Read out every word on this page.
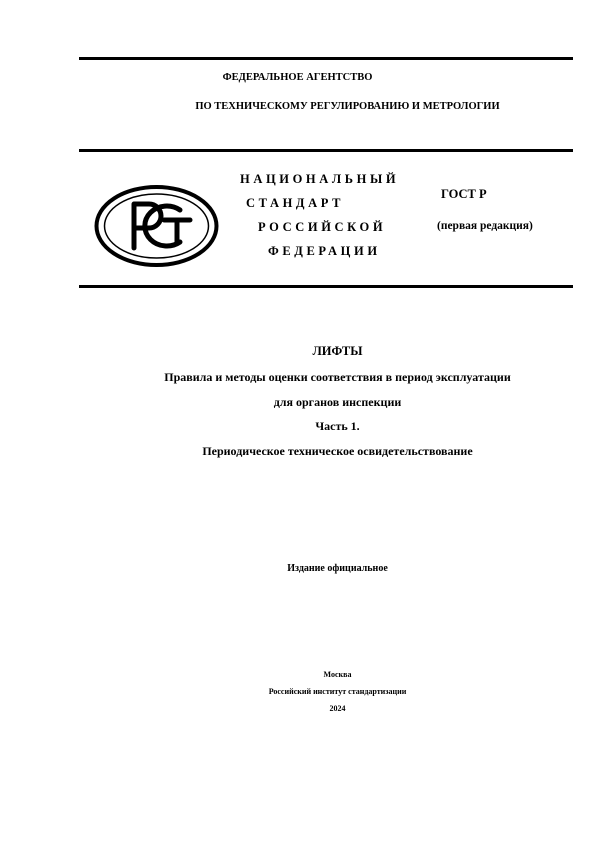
ФЕДЕРАЛЬНОЕ АГЕНТСТВО
ПО ТЕХНИЧЕСКОМУ РЕГУЛИРОВАНИЮ И МЕТРОЛОГИИ
НАЦИОНАЛЬНЫЙ
СТАНДАРТ
РОССИЙСКОЙ
ФЕДЕРАЦИИ
ГОСТ Р
(первая редакция)
ЛИФТЫ
Правила и методы оценки соответствия в период эксплуатации
для органов инспекции
Часть 1.
Периодическое техническое освидетельствование
Издание официальное
Москва
Российский институт стандартизации
2024
